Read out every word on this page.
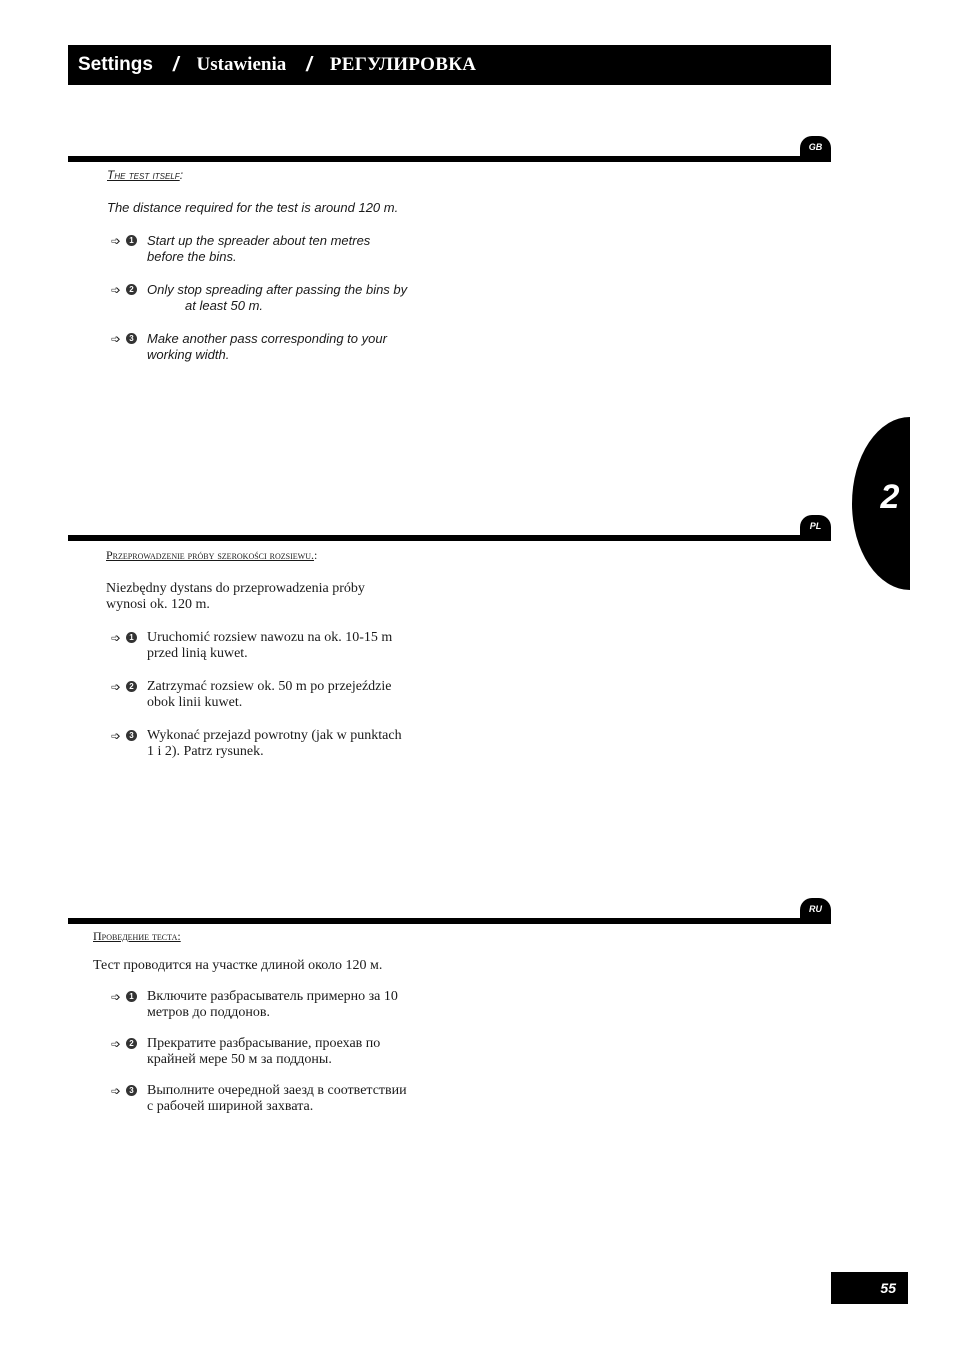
Settings / Ustawienia / РЕГУЛИРОВКА
GB
The test itself:
The distance required for the test is around 120 m.
➩	1 Start up the spreader about ten metres
before the bins.
➩	2 Only stop spreading after passing the bins by
at least 50 m.
➩	3 Make another pass corresponding to your
working width.
2
PL
Przeprowadzenie próby szerokości rozsiewu.:
Niezbędny dystans do przeprowadzenia próby
wynosi ok. 120 m.
➩	1 Uruchomić rozsiew nawozu na ok. 10-15 m
przed linią kuwet.
➩	2 Zatrzymać rozsiew ok. 50 m po przejeździe
obok linii kuwet.
➩	3 Wykonać przejazd powrotny (jak w punktach
1 i 2). Patrz rysunek.
RU
Проведение теста:
Тест проводится на участке длиной около 120 м.
➩	1 Включите разбрасыватель примерно за 10
метров до поддонов.
➩	2 Прекратите разбрасывание, проехав по
крайней мере 50 м за поддоны.
➩	3 Выполните очередной заезд в соответствии
с рабочей шириной захвата.
55
